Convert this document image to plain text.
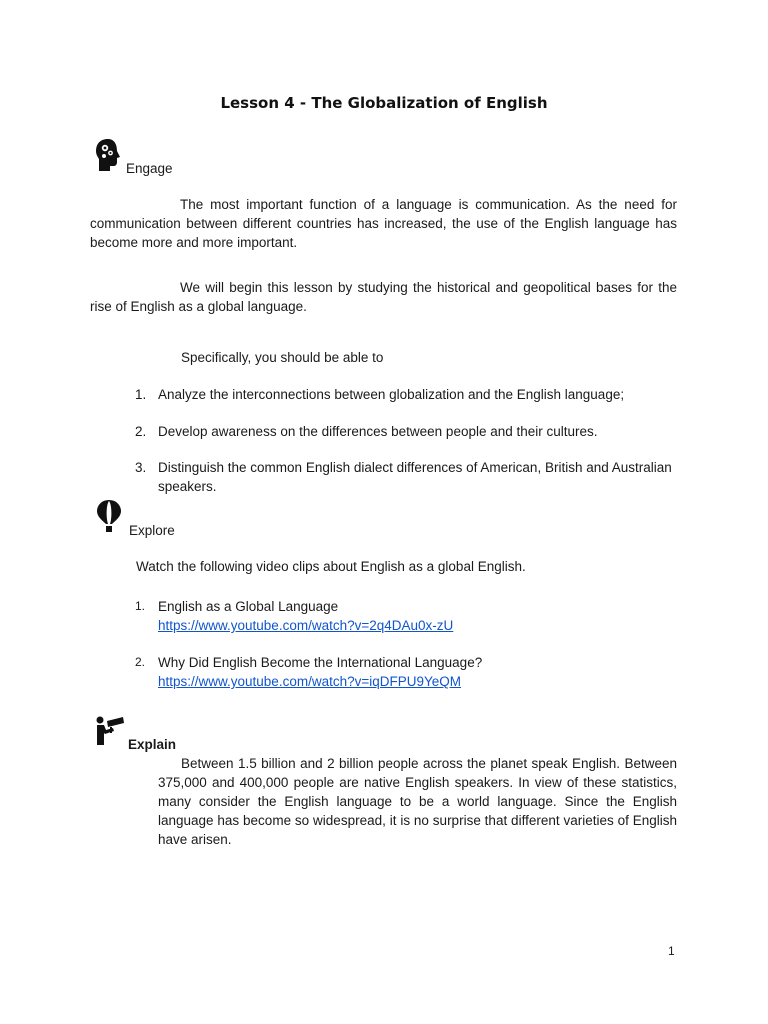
Lesson 4 - The Globalization of English
Engage
The most important function of a language is communication. As the need for communication between different countries has increased, the use of the English language has become more and more important.
We will begin this lesson by studying the historical and geopolitical bases for the rise of English as a global language.
Specifically, you should be able to
1. Analyze the interconnections between globalization and the English language;
2. Develop awareness on the differences between people and their cultures.
3. Distinguish the common English dialect differences of American, British and Australian speakers.
Explore
Watch the following video clips about English as a global English.
1. English as a Global Language
https://www.youtube.com/watch?v=2q4DAu0x-zU
2. Why Did English Become the International Language?
https://www.youtube.com/watch?v=iqDFPU9YeQM
Explain
Between 1.5 billion and 2 billion people across the planet speak English. Between 375,000 and 400,000 people are native English speakers. In view of these statistics, many consider the English language to be a world language. Since the English language has become so widespread, it is no surprise that different varieties of English have arisen.
1
